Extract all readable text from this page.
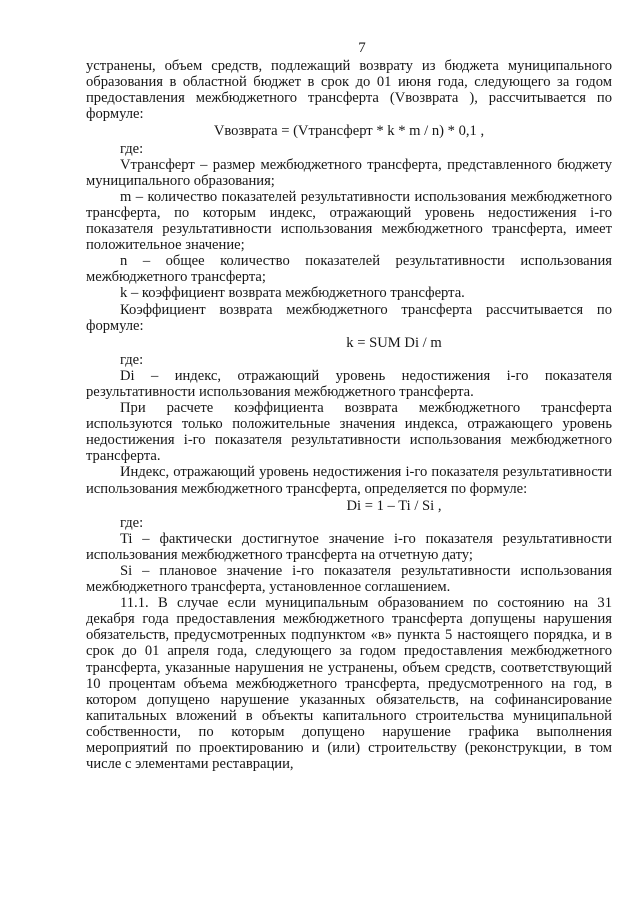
7

устранены, объем средств, подлежащий возврату из бюджета муниципального образования в областной бюджет в срок до 01 июня года, следующего за годом предоставления межбюджетного трансферта (Vвозврата ), рассчитывается по формуле:

Vвозврата = (Vтрансферт * k * m / n) * 0,1 ,

где:

Vтрансферт – размер межбюджетного трансферта, представленного бюджету муниципального образования;

m – количество показателей результативности использования межбюджетного трансферта, по которым индекс, отражающий уровень недостижения i-го показателя результативности использования межбюджетного трансферта, имеет положительное значение;

n – общее количество показателей результативности использования межбюджетного трансферта;

k – коэффициент возврата межбюджетного трансферта.

Коэффициент возврата межбюджетного трансферта рассчитывается по формуле:

k = SUM Di / m

где:

Di – индекс, отражающий уровень недостижения i-го показателя результативности использования межбюджетного трансферта.

При расчете коэффициента возврата межбюджетного трансферта используются только положительные значения индекса, отражающего уровень недостижения i-го показателя результативности использования межбюджетного трансферта.

Индекс, отражающий уровень недостижения i-го показателя результативности использования межбюджетного трансферта, определяется по формуле:

Di = 1 – Ti / Si ,

где:

Ti – фактически достигнутое значение i-го показателя результативности использования межбюджетного трансферта на отчетную дату;

Si – плановое значение i-го показателя результативности использования межбюджетного трансферта, установленное соглашением.

11.1. В случае если муниципальным образованием по состоянию на 31 декабря года предоставления межбюджетного трансферта допущены нарушения обязательств, предусмотренных подпунктом «в» пункта 5 настоящего порядка, и в срок до 01 апреля года, следующего за годом предоставления межбюджетного трансферта, указанные нарушения не устранены, объем средств, соответствующий 10 процентам объема межбюджетного трансферта, предусмотренного на год, в котором допущено нарушение указанных обязательств, на софинансирование капитальных вложений в объекты капитального строительства муниципальной собственности, по которым допущено нарушение графика выполнения мероприятий по проектированию и (или) строительству (реконструкции, в том числе с элементами реставрации,
